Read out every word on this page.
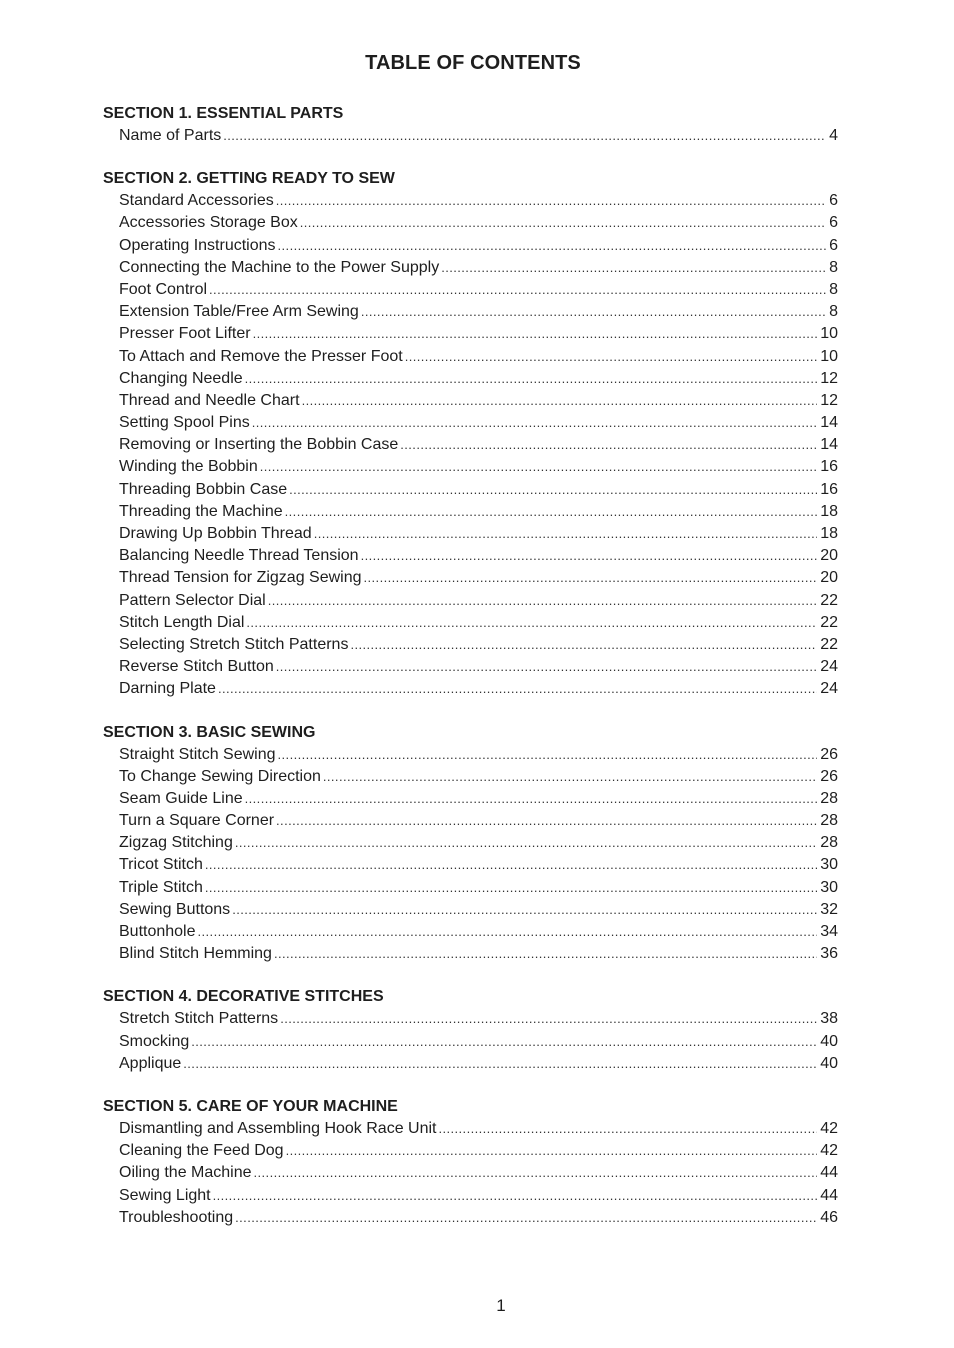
TABLE OF CONTENTS
SECTION 1. ESSENTIAL PARTS
Name of Parts .....	4
SECTION 2. GETTING READY TO SEW
Standard Accessories .....	6
Accessories Storage Box .....	6
Operating Instructions .....	6
Connecting the Machine to the Power Supply .....	8
Foot Control .....	8
Extension Table/Free Arm Sewing .....	8
Presser Foot Lifter .....	10
To Attach and Remove the Presser Foot .....	10
Changing Needle .....	12
Thread and Needle Chart .....	12
Setting Spool Pins .....	14
Removing or Inserting the Bobbin Case .....	14
Winding the Bobbin .....	16
Threading Bobbin Case .....	16
Threading the Machine .....	18
Drawing Up Bobbin Thread .....	18
Balancing Needle Thread Tension .....	20
Thread Tension for Zigzag Sewing .....	20
Pattern Selector Dial .....	22
Stitch Length Dial .....	22
Selecting Stretch Stitch Patterns .....	22
Reverse Stitch Button .....	24
Darning Plate .....	24
SECTION 3. BASIC SEWING
Straight Stitch Sewing .....	26
To Change Sewing Direction .....	26
Seam Guide Line .....	28
Turn a Square Corner .....	28
Zigzag Stitching .....	28
Tricot Stitch .....	30
Triple Stitch .....	30
Sewing Buttons .....	32
Buttonhole .....	34
Blind Stitch Hemming .....	36
SECTION 4. DECORATIVE STITCHES
Stretch Stitch Patterns .....	38
Smocking .....	40
Applique .....	40
SECTION 5. CARE OF YOUR MACHINE
Dismantling and Assembling Hook Race Unit .....	42
Cleaning the Feed Dog .....	42
Oiling the Machine .....	44
Sewing Light .....	44
Troubleshooting .....	46
1
